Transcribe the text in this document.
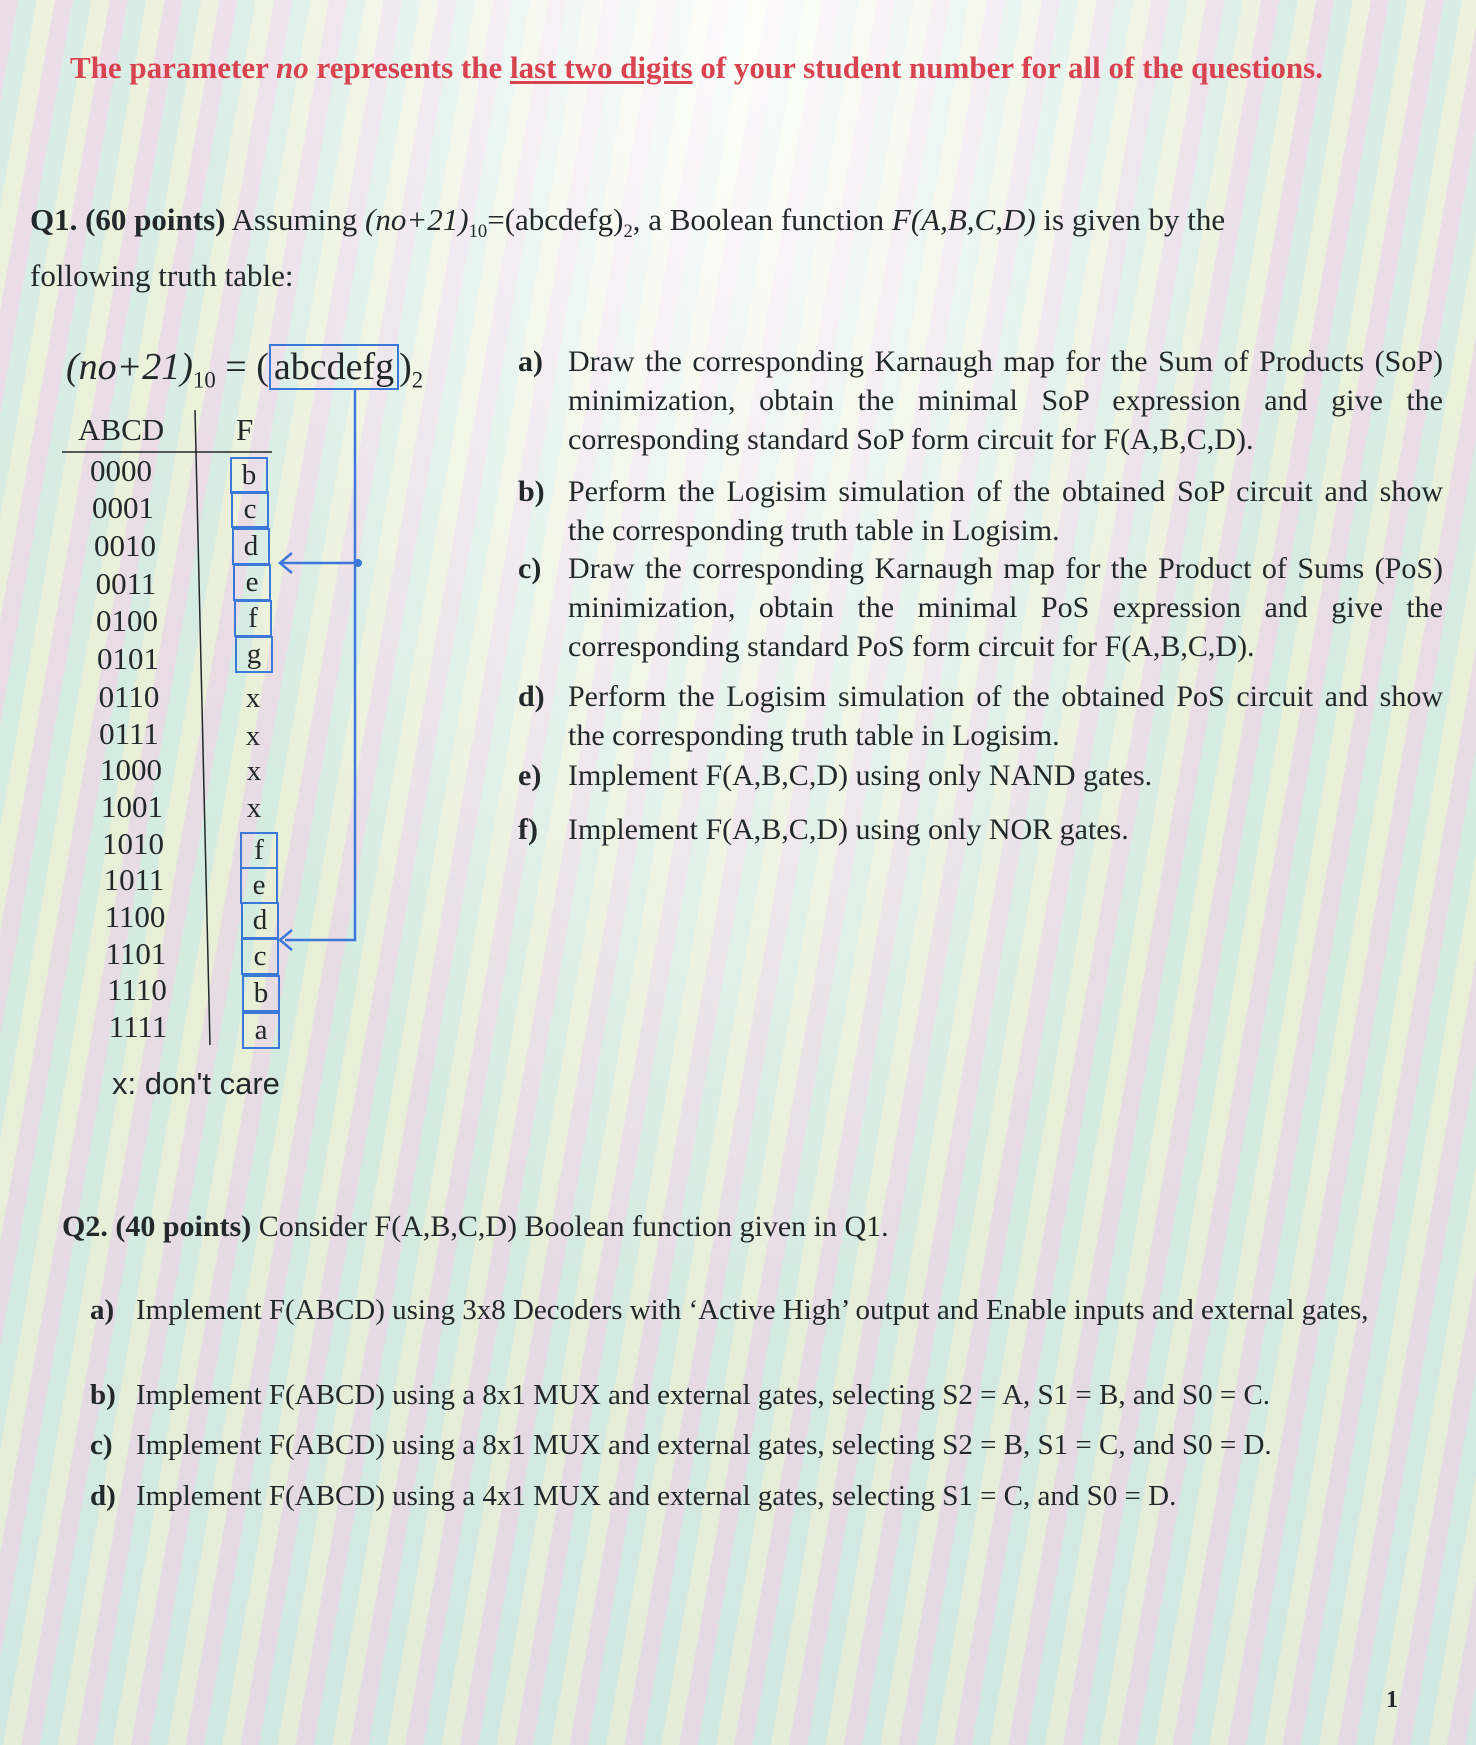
The parameter no represents the last two digits of your student number for all of the questions.
Q1. (60 points) Assuming $(no+21)_{10}=(abcdefg)_2$, a Boolean function F(A,B,C,D) is given by the
following truth table:
$(no+21)_{10}$ = ( abcdefg )$_2$
ABCD F
0000	b
0001	c
0010	d
0011	e
0100	f
0101	g
0110	x
0111	x
1000	x
1001	x
1010	f
1011	e
1100	d
1101	c
1110	b
1111	a
x: don't care
a) Draw the corresponding Karnaugh map for the Sum of Products (SoP) minimization, obtain the minimal SoP expression and give the corresponding standard SoP form circuit for F(A,B,C,D).
b) Perform the Logisim simulation of the obtained SoP circuit and show the corresponding truth table in Logisim.
c) Draw the corresponding Karnaugh map for the Product of Sums (PoS) minimization, obtain the minimal PoS expression and give the corresponding standard PoS form circuit for F(A,B,C,D).
d) Perform the Logisim simulation of the obtained PoS circuit and show the corresponding truth table in Logisim.
e) Implement F(A,B,C,D) using only NAND gates.
f) Implement F(A,B,C,D) using only NOR gates.
Q2. (40 points) Consider F(A,B,C,D) Boolean function given in Q1.
a) Implement F(ABCD) using 3x8 Decoders with ‘Active High’ output and Enable inputs and external gates,
b) Implement F(ABCD) using a 8x1 MUX and external gates, selecting S2 = A, S1 = B, and S0 = C.
c) Implement F(ABCD) using a 8x1 MUX and external gates, selecting S2 = B, S1 = C, and S0 = D.
d) Implement F(ABCD) using a 4x1 MUX and external gates, selecting S1 = C, and S0 = D.
1
